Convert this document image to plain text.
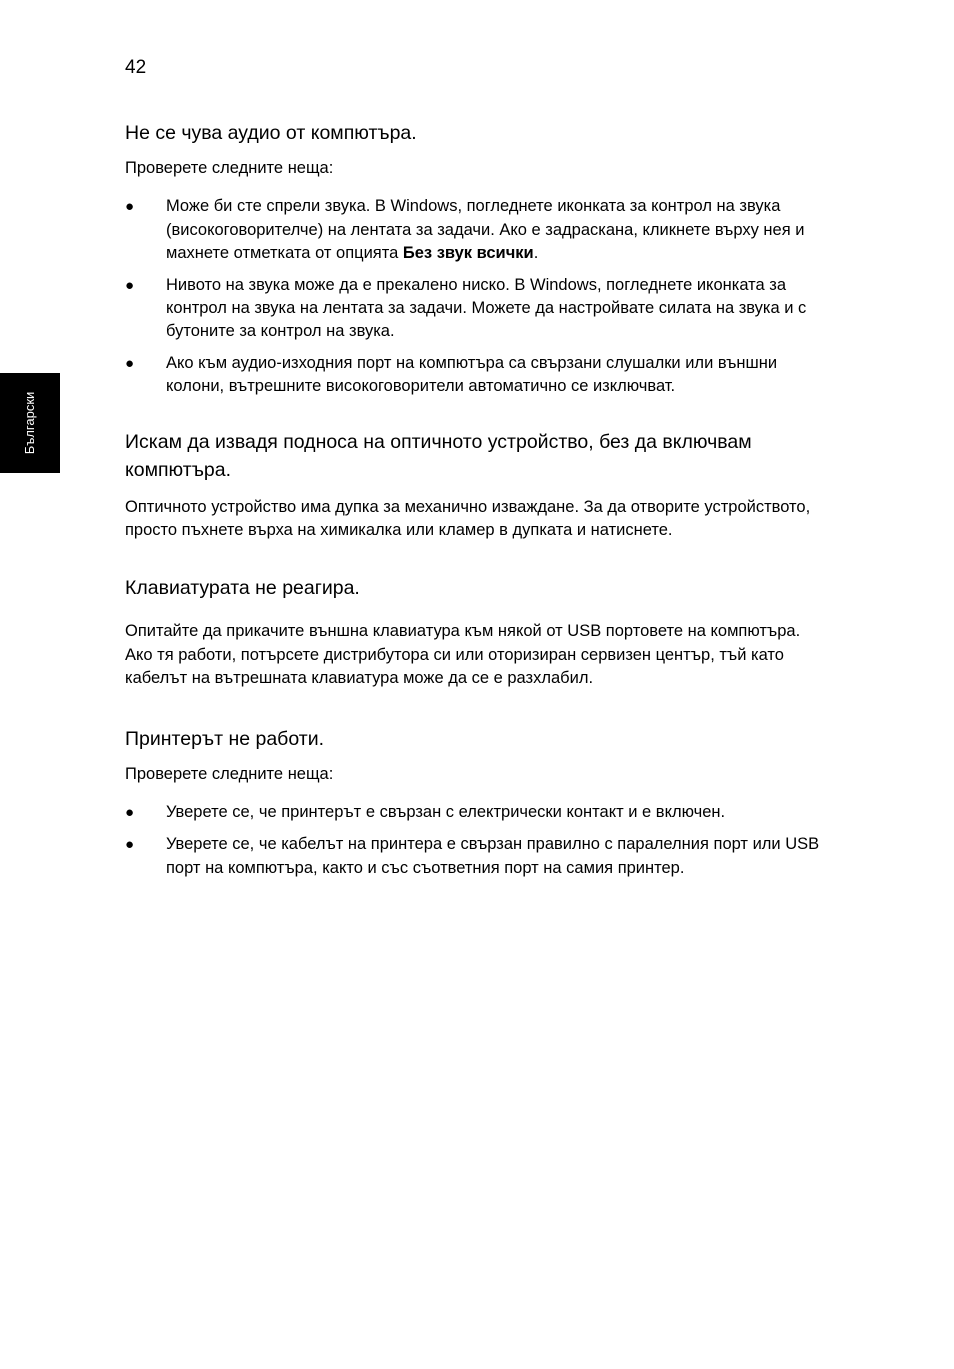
42
Български
Не се чува аудио от компютъра.

Проверете следните неща:

● Може би сте спрели звука. В Windows, погледнете иконката за контрол на звука (високоговорителче) на лентата за задачи. Ако е задраскана, кликнете върху нея и махнете отметката от опцията Без звук всички.
● Нивото на звука може да е прекалено ниско. В Windows, погледнете иконката за контрол на звука на лентата за задачи. Можете да настройвате силата на звука и с бутоните за контрол на звука.
● Ако към аудио-изходния порт на компютъра са свързани слушалки или външни колони, вътрешните високоговорители автоматично се изключват.
Искам да извадя подноса на оптичното устройство, без да включвам компютъра.

Оптичното устройство има дупка за механично изваждане. За да отворите устройството, просто пъхнете върха на химикалка или кламер в дупката и натиснете.

Клавиатурата не реагира.

Опитайте да прикачите външна клавиатура към някой от USB портовете на компютъра. Ако тя работи, потърсете дистрибутора си или оторизиран сервизен център, тъй като кабелът на вътрешната клавиатура може да се е разхлабил.

Принтерът не работи.

Проверете следните неща:

● Уверете се, че принтерът е свързан с електрически контакт и е включен.
● Уверете се, че кабелът на принтера е свързан правилно с паралелния порт или USB порт на компютъра, както и със съответния порт на самия принтер.
